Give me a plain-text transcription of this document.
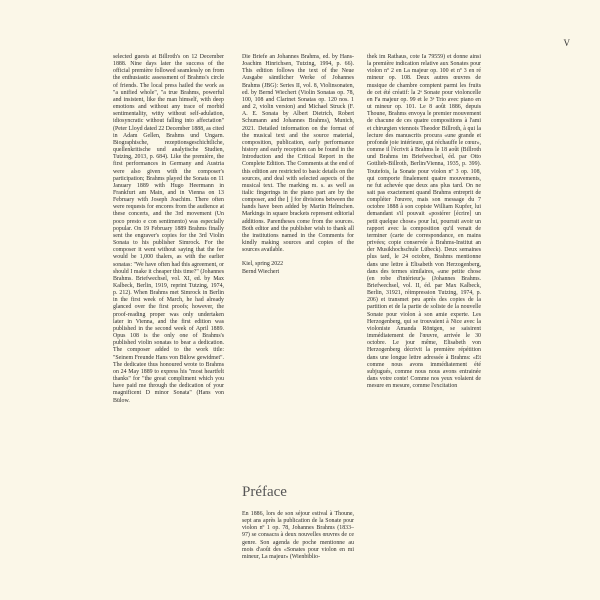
V

selected guests at Billroth's on 12 December 1888. Nine days later the success of the official première followed seamlessly on from the enthusiastic assessment of Brahms's circle of friends. The local press hailed the work as "a unified whole", "a true Brahms, powerful and insistent, like the man himself, with deep emotions and without any trace of morbid sentimentality, witty without self-adulation, idiosyncratic without falling into affectation" (Peter Lloyd dated 22 December 1888, as cited in Adam Gellen, Brahms und Ungarn. Biographische, rezeptionsgeschichtliche, quellenkritische und analytische Studien, Tutzing, 2013, p. 684). Like the première, the first performances in Germany and Austria were also given with the composer's participation; Brahms played the Sonata on 11 January 1889 with Hugo Heermann in Frankfurt am Main, and in Vienna on 13 February with Joseph Joachim. There often were requests for encores from the audience at these concerts, and the 3rd movement (Un poco presto e con sentimento) was especially popular. On 19 February 1889 Brahms finally sent the engraver's copies for the 3rd Violin Sonata to his publisher Simrock. For the composer it went without saying that the fee would be 1,000 thalers, as with the earlier sonatas: "We have often had this agreement, or should I make it cheaper this time?" (Johannes Brahms. Briefwechsel, vol. XI, ed. by Max Kalbeck, Berlin, 1919, reprint Tutzing, 1974, p. 212). When Brahms met Simrock in Berlin in the first week of March, he had already glanced over the first proofs; however, the proof-reading proper was only undertaken later in Vienna, and the first edition was published in the second week of April 1889. Opus 108 is the only one of Brahms's published violin sonatas to bear a dedication. The composer added to the work title: "Seinem Freunde Hans von Bülow gewidmet". The dedicatee thus honoured wrote to Brahms on 24 May 1889 to express his "most heartfelt thanks" for "the great compliment which you have paid me through the dedication of your magnificent D minor Sonata" (Hans von Bülow.

Die Briefe an Johannes Brahms, ed. by Hans-Joachim Hinrichsen, Tutzing, 1994, p. 66). This edition follows the text of the Neue Ausgabe sämtlicher Werke of Johannes Brahms (JBG): Series II, vol. 8, Violinsonaten, ed. by Bernd Wiechert (Violin Sonatas op. 78, 100, 108 and Clarinet Sonatas op. 120 nos. 1 and 2, violin version) and Michael Struck (F. A. E. Sonata by Albert Dietrich, Robert Schumann and Johannes Brahms), Munich, 2021. Detailed information on the format of the musical text and the source material, composition, publication, early performance history and early reception can be found in the Introduction and the Critical Report in the Complete Edition. The Comments at the end of this edition are restricted to basic details on the sources, and deal with selected aspects of the musical text. The marking m. s. as well as italic fingerings in the piano part are by the composer, and the ⌊ ⌋ for divisions between the hands have been added by Martin Helmchen. Markings in square brackets represent editorial additions. Parentheses come from the sources. Both editor and the publisher wish to thank all the institutions named in the Comments for kindly making sources and copies of the sources available.

Kiel, spring 2022

Bernd Wiechert

Préface

En 1886, lors de son séjour estival à Thoune, sept ans après la publication de la Sonate pour violon nº 1 op. 78, Johannes Brahms (1833–97) se consacra à deux nouvelles œuvres de ce genre. Son agenda de poche mentionne au mois d'août des «Sonates pour violon en mi mineur, La majeur» (Wienbiblio-

thek im Rathaus, cote Ia 79559) et donne ainsi la première indication relative aux Sonates pour violon nº 2 en La majeur op. 100 et nº 3 en ré mineur op. 108. Deux autres œuvres de musique de chambre comptent parmi les fruits de cet été créatif: la 2ᵉ Sonate pour violoncelle en Fa majeur op. 99 et le 3ᵉ Trio avec piano en ut mineur op. 101. Le 8 août 1886, depuis Thoune, Brahms envoya le premier mouvement de chacune de ces quatre compositions à l'ami et chirurgien viennois Theodor Billroth, à qui la lecture des manuscrits procura «une grande et profonde joie intérieure, qui réchauffe le cœur», comme il l'écrivit à Brahms le 18 août (Billroth und Brahms im Briefwechsel, éd. par Otto Gottlieb-Billroth, Berlin/Vienna, 1935, p. 399). Toutefois, la Sonate pour violon nº 3 op. 108, qui comporte finalement quatre mouvements, ne fut achevée que deux ans plus tard. On ne sait pas exactement quand Brahms entreprit de compléter l'œuvre, mais son message du 7 octobre 1888 à son copiste William Kupfer, lui demandant s'il pouvait «postérer [écrire] un petit quelque chose» pour lui, pourrait avoir un rapport avec la composition qu'il venait de terminer (carte de correspondance, en mains privées; copie conservée à Brahms-Institut an der Musikhochschule Lübeck). Deux semaines plus tard, le 24 octobre, Brahms mentionne dans une lettre à Elisabeth von Herzogenberg, dans des termes similaires, «une petite chose (en robe d'intérieur)» (Johannes Brahms. Briefwechsel, vol. II, éd. par Max Kalbeck, Berlin, 31921, réimpression Tutzing, 1974, p. 206) et transmet peu après des copies de la partition et de la partie de soliste de la nouvelle Sonate pour violon à son amie experte. Les Herzogenberg, qui se trouvaient à Nice avec la violoniste Amanda Röntgen, se saisirent immédiatement de l'œuvre, arrivée le 30 octobre. Le jour même, Elisabeth von Herzogenberg décrivit la première répétition dans une longue lettre adressée à Brahms: «Et comme nous avons immédiatement été subjugués, comme nous nous avons entrainée dans votre conte! Comme nos yeux volaient de mesure en mesure, comme l'excitation
